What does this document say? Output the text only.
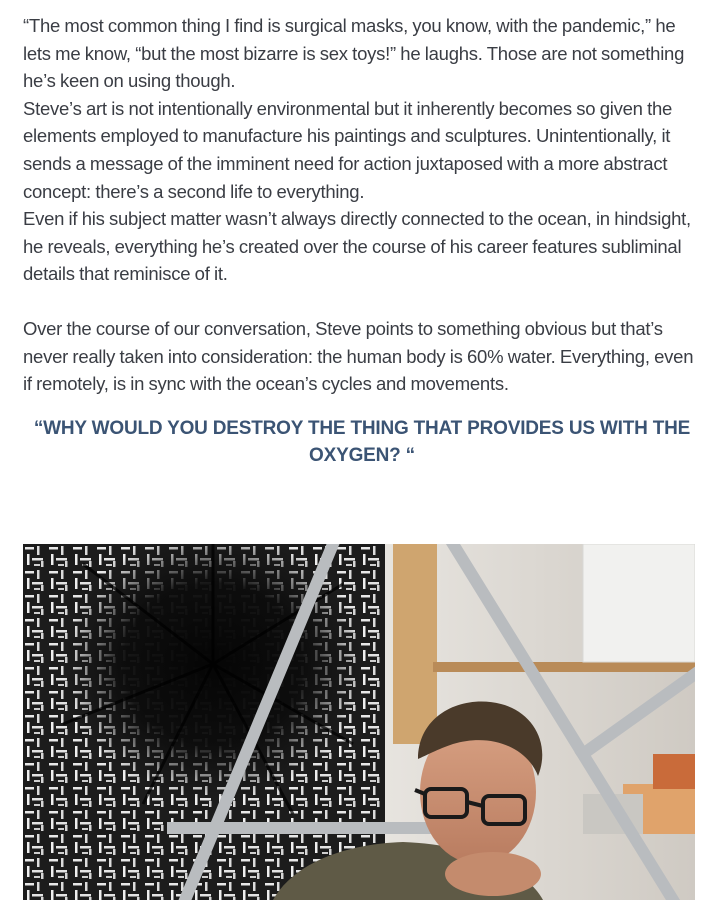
“The most common thing I find is surgical masks, you know, with the pandemic,” he lets me know, “but the most bizarre is sex toys!” he laughs. Those are not something he’s keen on using though.

Steve’s art is not intentionally environmental but it inherently becomes so given the elements employed to manufacture his paintings and sculptures. Unintentionally, it sends a message of the imminent need for action juxtaposed with a more abstract concept: there’s a second life to everything.

Even if his subject matter wasn’t always directly connected to the ocean, in hindsight, he reveals, everything he’s created over the course of his career features subliminal details that reminisce of it.

Over the course of our conversation, Steve points to something obvious but that’s never really taken into consideration: the human body is 60% water. Everything, even if remotely, is in sync with the ocean’s cycles and movements.

“WHY WOULD YOU DESTROY THE THING THAT PROVIDES US WITH THE OXYGEN? “
